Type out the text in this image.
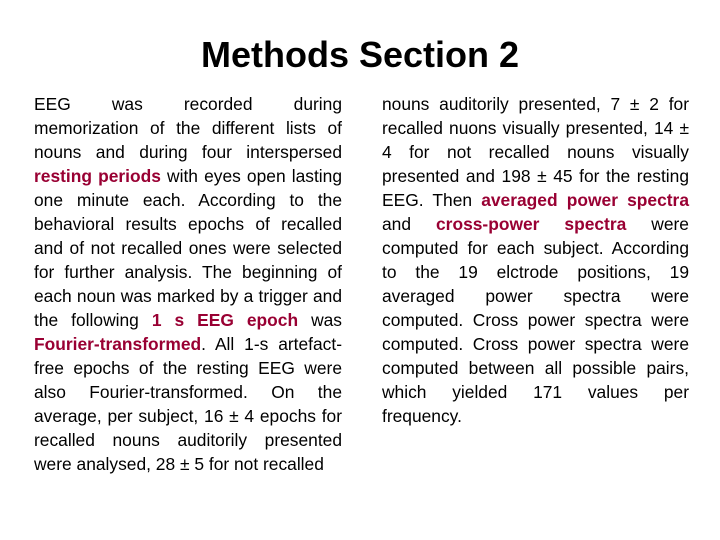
Methods Section 2

EEG was recorded during memorization of the different lists of nouns and during four interspersed resting periods with eyes open lasting one minute each. According to the behavioral results epochs of recalled and of not recalled ones were selected for further analysis. The beginning of each noun was marked by a trigger and the following 1 s EEG epoch was Fourier-transformed. All 1-s artefact-free epochs of the resting EEG were also Fourier-transformed. On the average, per subject, 16 ± 4 epochs for recalled nouns auditorily presented were analysed, 28 ± 5 for not recalled

nouns auditorily presented, 7 ± 2 for recalled nuons visually presented, 14 ± 4 for not recalled nouns visually presented and 198 ± 45 for the resting EEG. Then averaged power spectra and cross-power spectra were computed for each subject. According to the 19 elctrode positions, 19 averaged power spectra were computed. Cross power spectra were computed. Cross power spectra were computed between all possible pairs, which yielded 171 values per frequency.
